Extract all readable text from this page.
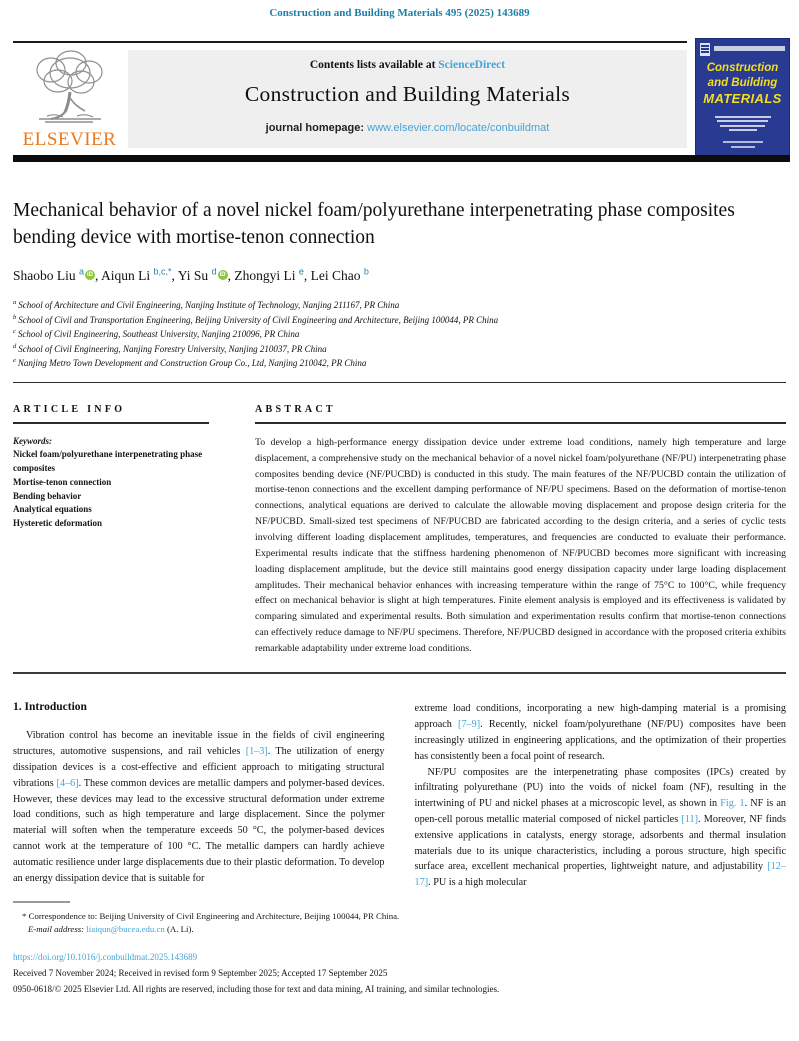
Construction and Building Materials 495 (2025) 143689
ELSEVIER
Contents lists available at ScienceDirect
Construction and Building Materials
journal homepage: www.elsevier.com/locate/conbuildmat
Construction
and Building
MATERIALS
Mechanical behavior of a novel nickel foam/polyurethane interpenetrating phase composites bending device with mortise-tenon connection
Shaobo Liu $^a$ iD , Aiqun Li $^{b,c,*}$, Yi Su $^d$ iD , Zhongyi Li $^e$, Lei Chao $^b$
$^a$ School of Architecture and Civil Engineering, Nanjing Institute of Technology, Nanjing 211167, PR China
$^b$ School of Civil and Transportation Engineering, Beijing University of Civil Engineering and Architecture, Beijing 100044, PR China
$^c$ School of Civil Engineering, Southeast University, Nanjing 210096, PR China
$^d$ School of Civil Engineering, Nanjing Forestry University, Nanjing 210037, PR China
$^e$ Nanjing Metro Town Development and Construction Group Co., Ltd, Nanjing 210042, PR China
ARTICLE INFO
Keywords:
Nickel foam/polyurethane interpenetrating phase composites
Mortise-tenon connection
Bending behavior
Analytical equations
Hysteretic deformation
ABSTRACT
To develop a high-performance energy dissipation device under extreme load conditions, namely high temperature and large displacement, a comprehensive study on the mechanical behavior of a novel nickel foam/polyurethane (NF/PU) interpenetrating phase composites bending device (NF/PUCBD) is conducted in this study. The main features of the NF/PUCBD contain the utilization of mortise-tenon connections and the excellent damping performance of NF/PU specimens. Based on the deformation of mortise-tenon connections, analytical equations are derived to calculate the allowable moving displacement and propose design criteria for the NF/PUCBD. Small-sized test specimens of NF/PUCBD are fabricated according to the design criteria, and a series of cyclic tests involving different loading displacement amplitudes, temperatures, and frequencies are conducted to evaluate their performance. Experimental results indicate that the stiffness hardening phenomenon of NF/PUCBD becomes more significant with increasing loading displacement amplitude, but the device still maintains good energy dissipation capacity under large loading displacement amplitudes. Their mechanical behavior enhances with increasing temperature within the range of 75°C to 100°C, while frequency effect on mechanical behavior is slight at high temperatures. Finite element analysis is employed and its effectiveness is validated by comparing simulated and experimental results. Both simulation and experimentation results confirm that mortise-tenon connections can effectively reduce damage to NF/PU specimens. Therefore, NF/PUCBD designed in accordance with the proposed criteria exhibits remarkable adaptability under extreme load conditions.
1. Introduction

Vibration control has become an inevitable issue in the fields of civil engineering structures, automotive suspensions, and rail vehicles [1–3]. The utilization of energy dissipation devices is a cost-effective and efficient approach to mitigating structural vibrations [4–6]. These common devices are metallic dampers and polymer-based devices. However, these devices may lead to the excessive structural deformation under extreme load conditions, such as high temperature and large displacement. Since the polymer material will soften when the temperature exceeds 50 °C, the polymer-based devices cannot work at the temperature of 100 °C. The metallic dampers can hardly achieve automatic resilience under large displacements due to their plastic deformation. To develop an energy dissipation device that is suitable for

extreme load conditions, incorporating a new high-damping material is a promising approach [7–9]. Recently, nickel foam/polyurethane (NF/PU) composites have been increasingly utilized in engineering applications, and the optimization of their properties has consistently been a focal point of research.

NF/PU composites are the interpenetrating phase composites (IPCs) created by infiltrating polyurethane (PU) into the voids of nickel foam (NF), resulting in the intertwining of PU and nickel phases at a microscopic level, as shown in Fig. 1. NF is an open-cell porous metallic material composed of nickel particles [11]. Moreover, NF finds extensive applications in catalysts, energy storage, adsorbents and thermal insulation materials due to its unique characteristics, including a porous structure, high specific surface area, excellent mechanical properties, lightweight nature, and adjustability [12–17]. PU is a high molecular

* Correspondence to: Beijing University of Civil Engineering and Architecture, Beijing 100044, PR China.
E-mail address: liaiqun@bucea.edu.cn (A. Li).
https://doi.org/10.1016/j.conbuildmat.2025.143689
Received 7 November 2024; Received in revised form 9 September 2025; Accepted 17 September 2025
0950-0618/© 2025 Elsevier Ltd. All rights are reserved, including those for text and data mining, AI training, and similar technologies.
